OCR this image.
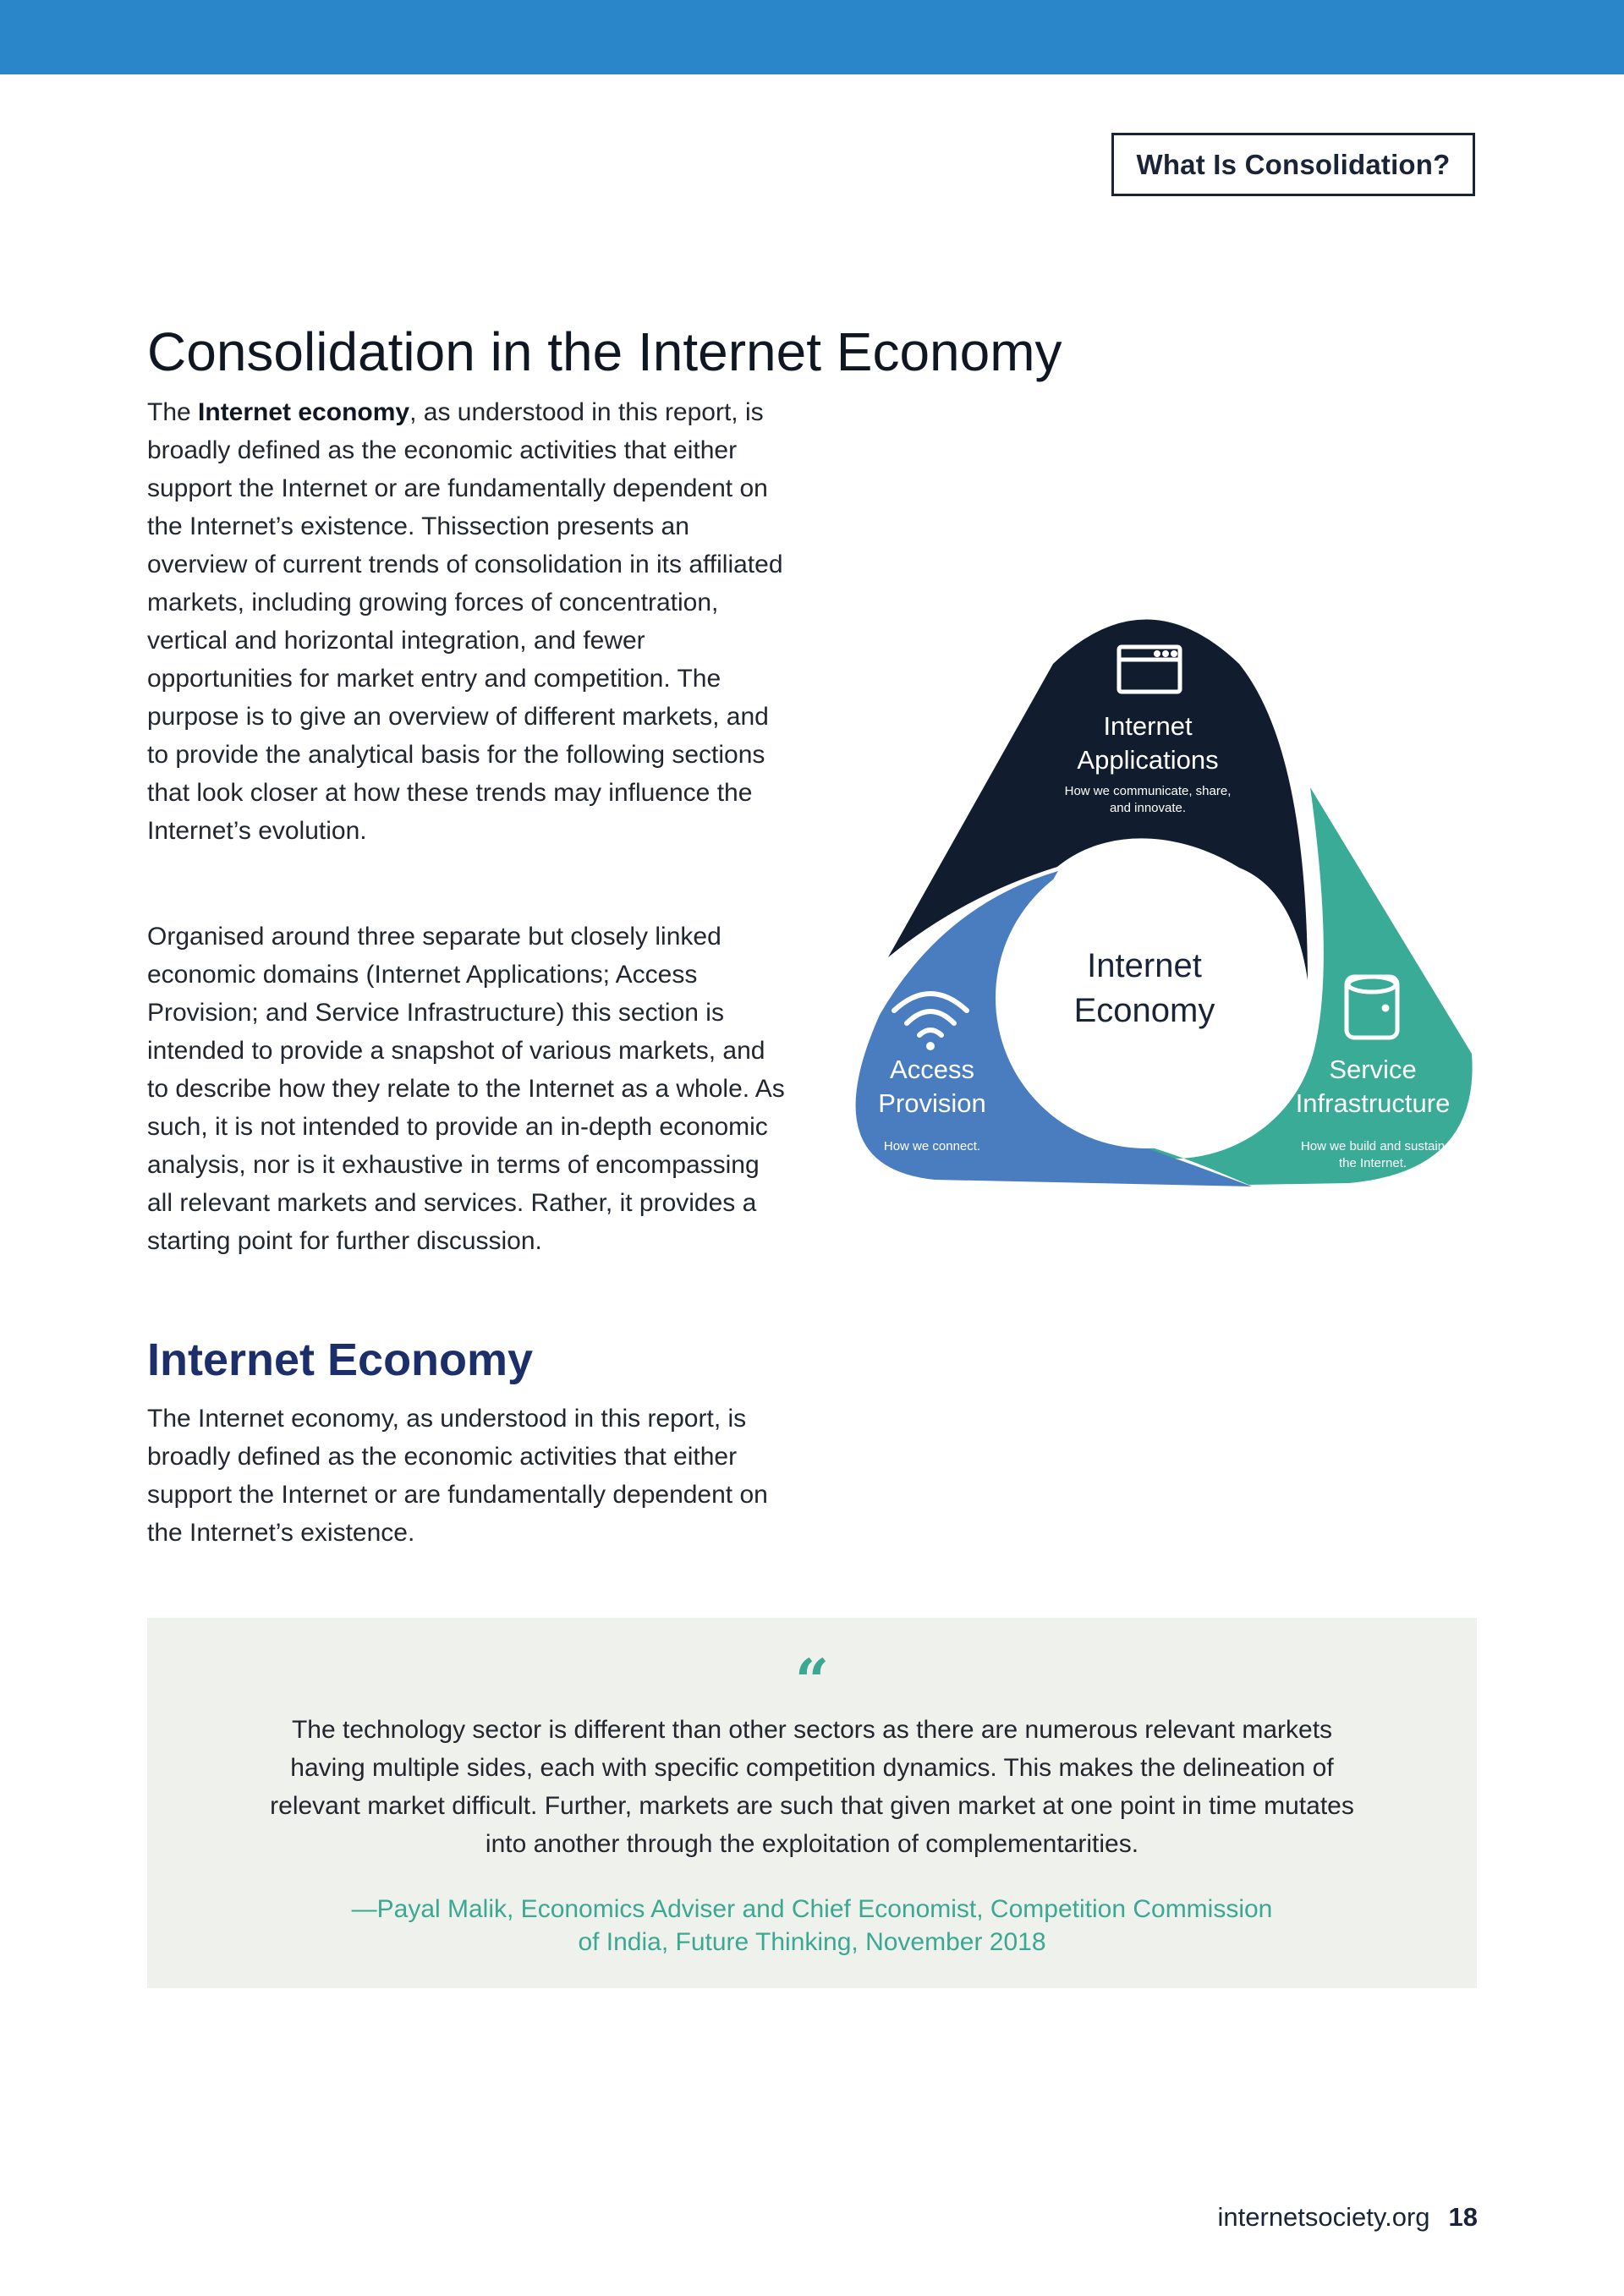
What Is Consolidation?
Consolidation in the Internet Economy

The Internet economy, as understood in this report, is broadly defined as the economic activities that either support the Internet or are fundamentally dependent on the Internet’s existence. Thissection presents an overview of current trends of consolidation in its affiliated markets, including growing forces of concentration, vertical and horizontal integration, and fewer opportunities for market entry and competition. The purpose is to give an overview of different markets, and to provide the analytical basis for the following sections that look closer at how these trends may influence the Internet’s evolution.

Organised around three separate but closely linked economic domains (Internet Applications; Access Provision; and Service Infrastructure) this section is intended to provide a snapshot of various markets, and to describe how they relate to the Internet as a whole. As such, it is not intended to provide an in-depth economic analysis, nor is it exhaustive in terms of encompassing all relevant markets and services. Rather, it provides a starting point for further discussion.

Internet Economy

The Internet economy, as understood in this report, is broadly defined as the economic activities that either support the Internet or are fundamentally dependent on the Internet’s existence.

Internet
Applications
How we communicate, share,
and innovate.
Internet
Economy
Access
Provision
How we connect.
Service
Infrastructure
How we build and sustain
the Internet.
“

The technology sector is different than other sectors as there are numerous relevant markets having multiple sides, each with specific competition dynamics. This makes the delineation of relevant market difficult. Further, markets are such that given market at one point in time mutates into another through the exploitation of complementarities.

—Payal Malik, Economics Adviser and Chief Economist, Competition Commission of India, Future Thinking, November 2018

internetsociety.org 18
